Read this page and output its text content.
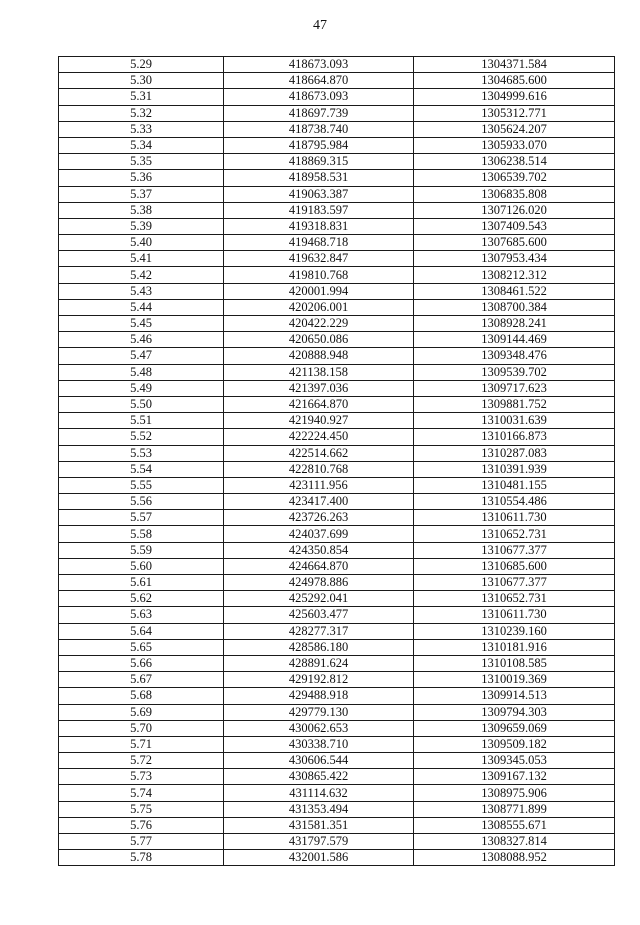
47
5.29	418673.093	1304371.584
5.30	418664.870	1304685.600
5.31	418673.093	1304999.616
5.32	418697.739	1305312.771
5.33	418738.740	1305624.207
5.34	418795.984	1305933.070
5.35	418869.315	1306238.514
5.36	418958.531	1306539.702
5.37	419063.387	1306835.808
5.38	419183.597	1307126.020
5.39	419318.831	1307409.543
5.40	419468.718	1307685.600
5.41	419632.847	1307953.434
5.42	419810.768	1308212.312
5.43	420001.994	1308461.522
5.44	420206.001	1308700.384
5.45	420422.229	1308928.241
5.46	420650.086	1309144.469
5.47	420888.948	1309348.476
5.48	421138.158	1309539.702
5.49	421397.036	1309717.623
5.50	421664.870	1309881.752
5.51	421940.927	1310031.639
5.52	422224.450	1310166.873
5.53	422514.662	1310287.083
5.54	422810.768	1310391.939
5.55	423111.956	1310481.155
5.56	423417.400	1310554.486
5.57	423726.263	1310611.730
5.58	424037.699	1310652.731
5.59	424350.854	1310677.377
5.60	424664.870	1310685.600
5.61	424978.886	1310677.377
5.62	425292.041	1310652.731
5.63	425603.477	1310611.730
5.64	428277.317	1310239.160
5.65	428586.180	1310181.916
5.66	428891.624	1310108.585
5.67	429192.812	1310019.369
5.68	429488.918	1309914.513
5.69	429779.130	1309794.303
5.70	430062.653	1309659.069
5.71	430338.710	1309509.182
5.72	430606.544	1309345.053
5.73	430865.422	1309167.132
5.74	431114.632	1308975.906
5.75	431353.494	1308771.899
5.76	431581.351	1308555.671
5.77	431797.579	1308327.814
5.78	432001.586	1308088.952
